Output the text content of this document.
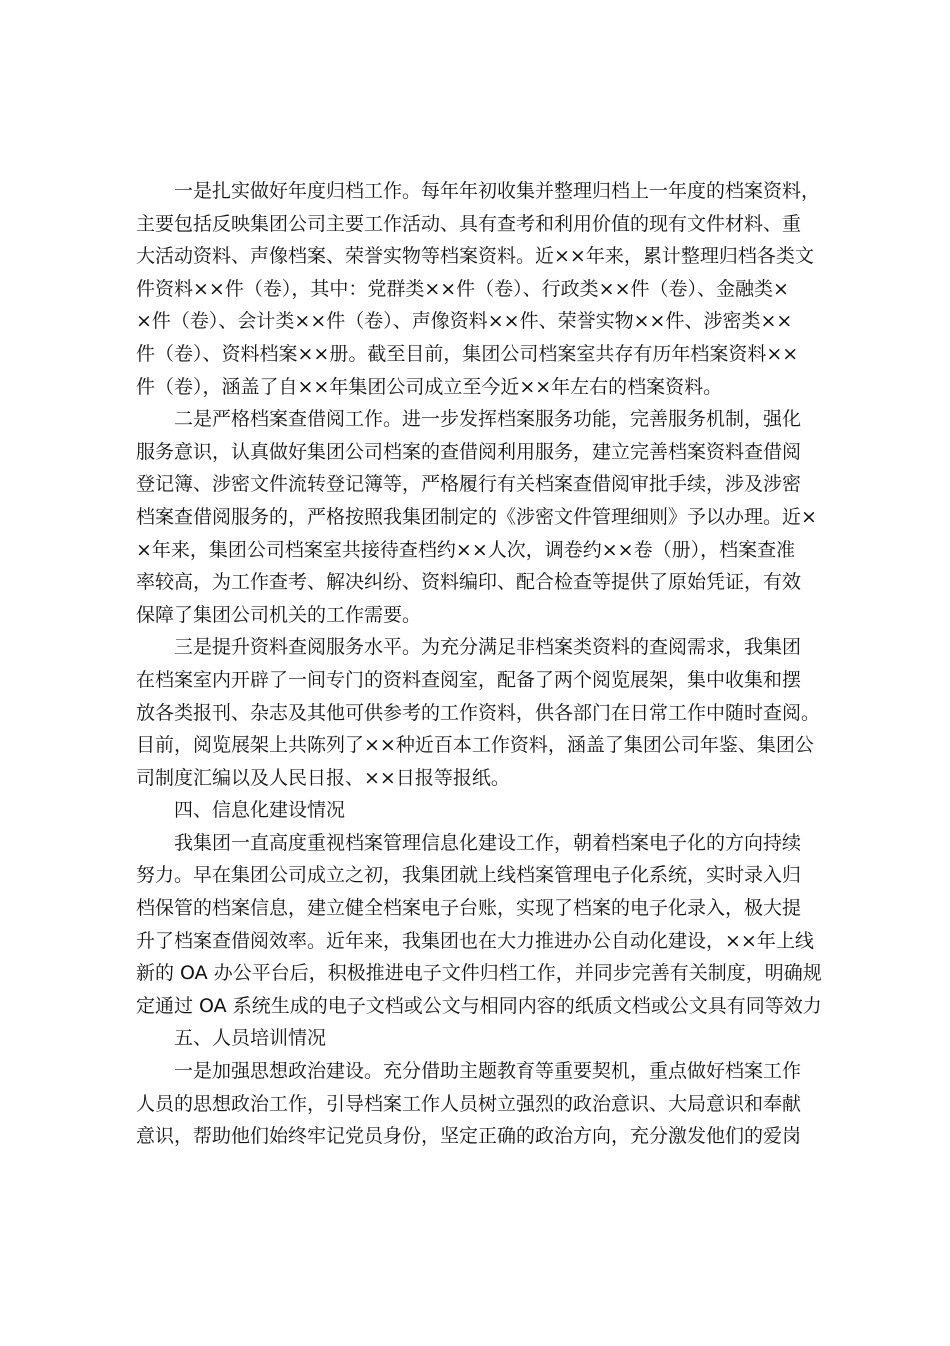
一是扎实做好年度归档工作。每年年初收集并整理归档上一年度的档案资料，
主要包括反映集团公司主要工作活动、具有查考和利用价值的现有文件材料、重
大活动资料、声像档案、荣誉实物等档案资料。近××年来，累计整理归档各类文
件资料××件（卷），其中：党群类××件（卷）、行政类××件（卷）、金融类×
×件（卷）、会计类××件（卷）、声像资料××件、荣誉实物××件、涉密类××
件（卷）、资料档案××册。截至目前，集团公司档案室共存有历年档案资料××
件（卷），涵盖了自××年集团公司成立至今近××年左右的档案资料。
二是严格档案查借阅工作。进一步发挥档案服务功能，完善服务机制，强化
服务意识，认真做好集团公司档案的查借阅利用服务，建立完善档案资料查借阅
登记簿、涉密文件流转登记簿等，严格履行有关档案查借阅审批手续，涉及涉密
档案查借阅服务的，严格按照我集团制定的《涉密文件管理细则》予以办理。近×
×年来，集团公司档案室共接待查档约××人次，调卷约××卷（册），档案查准
率较高，为工作查考、解决纠纷、资料编印、配合检查等提供了原始凭证，有效
保障了集团公司机关的工作需要。
三是提升资料查阅服务水平。为充分满足非档案类资料的查阅需求，我集团
在档案室内开辟了一间专门的资料查阅室，配备了两个阅览展架，集中收集和摆
放各类报刊、杂志及其他可供参考的工作资料，供各部门在日常工作中随时查阅。
目前，阅览展架上共陈列了××种近百本工作资料，涵盖了集团公司年鉴、集团公
司制度汇编以及人民日报、××日报等报纸。
四、信息化建设情况
我集团一直高度重视档案管理信息化建设工作，朝着档案电子化的方向持续
努力。早在集团公司成立之初，我集团就上线档案管理电子化系统，实时录入归
档保管的档案信息，建立健全档案电子台账，实现了档案的电子化录入，极大提
升了档案查借阅效率。近年来，我集团也在大力推进办公自动化建设，××年上线
新的 OA 办公平台后，积极推进电子文件归档工作，并同步完善有关制度，明确规
定通过 OA 系统生成的电子文档或公文与相同内容的纸质文档或公文具有同等效力
五、人员培训情况
一是加强思想政治建设。充分借助主题教育等重要契机，重点做好档案工作
人员的思想政治工作，引导档案工作人员树立强烈的政治意识、大局意识和奉献
意识，帮助他们始终牢记党员身份，坚定正确的政治方向，充分激发他们的爱岗
